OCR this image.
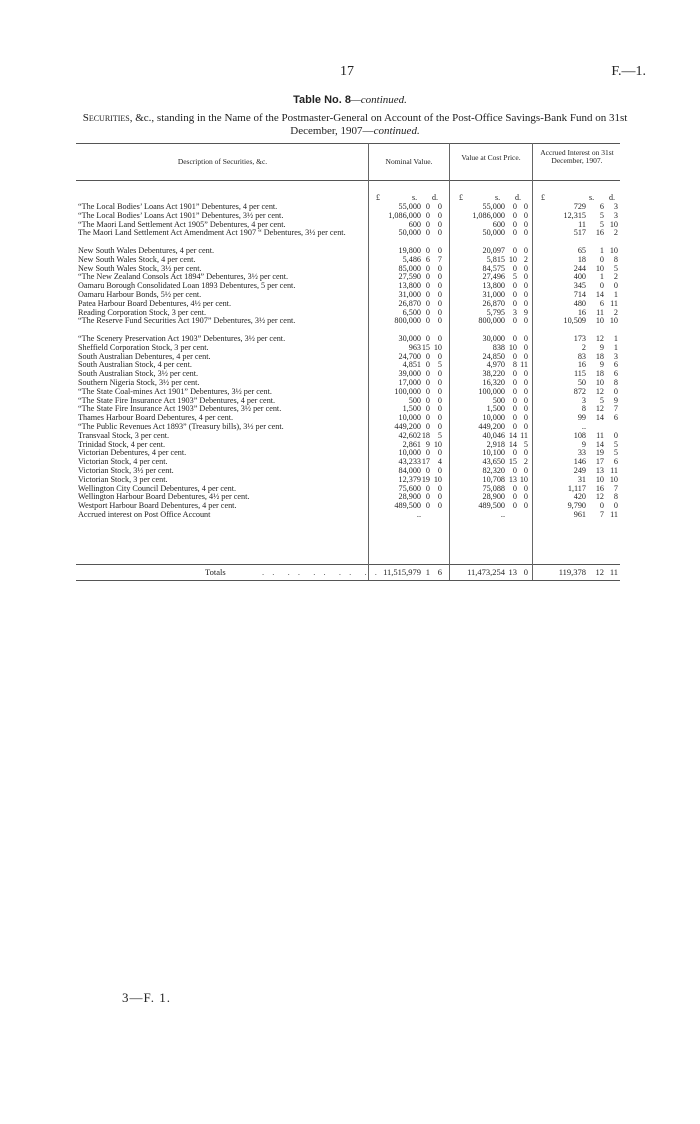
17	F.—1.
Table No. 8—continued.
Securities, &c., standing in the Name of the Postmaster-General on Account of the Post-Office Savings-Bank Fund on 31st December, 1907—continued.
Description of Securities, &c.	Nominal Value.	Value at Cost Price.
Accrued Interest on 31st December, 1907.
£	s. d.	£	s. d.	£	s. d.
“The Local Bodies’ Loans Act 1901” Debentures, 4 per cent.	55,000 0 0	55,000 0 0	729 6 3
“The Local Bodies’ Loans Act 1901” Debentures, 3½ per cent.	1,086,000 0 0	1,086,000 0 0	12,315 5 3
“The Maori Land Settlement Act 1905” Debentures, 4 per cent.	600 0 0	600 0 0	11 5 10
The Maori Land Settlement Act Amendment Act 1907 “ Debentures, 3½ per cent.	50,000 0 0	50,000 0 0	517 16 2
New South Wales Debentures, 4 per cent.	19,800 0 0	20,097 0 0	65 1 10
New South Wales Stock, 4 per cent.	5,486 6 7	5,815 10 2	18 0 8
New South Wales Stock, 3½ per cent.	85,000 0 0	84,575 0 0	244 10 5
“The New Zealand Consols Act 1894” Debentures, 3½ per cent.	27,590 0 0	27,496 5 0	400 1 2
Oamaru Borough Consolidated Loan 1893 Debentures, 5 per cent.	13,800 0 0	13,800 0 0	345 0 0
Oamaru Harbour Bonds, 5½ per cent.	31,000 0 0	31,000 0 0	714 14 1
Patea Harbour Board Debentures, 4½ per cent.	26,870 0 0	26,870 0 0	480 6 11
Reading Corporation Stock, 3 per cent.	6,500 0 0	5,795 3 9	16 11 2
“The Reserve Fund Securities Act 1907” Debentures, 3½ per cent.	800,000 0 0	800,000 0 0	10,509 10 10
“The Scenery Preservation Act 1903” Debentures, 3½ per cent.	30,000 0 0	30,000 0 0	173 12 1
Sheffield Corporation Stock, 3 per cent.	963 15 10	838 10 0	2 9 1
South Australian Debentures, 4 per cent.	24,700 0 0	24,850 0 0	83 18 3
South Australian Stock, 4 per cent.	4,851 0 5	4,970 8 11	16 9 6
South Australian Stock, 3½ per cent.	39,000 0 0	38,220 0 0	115 18 6
Southern Nigeria Stock, 3½ per cent.	17,000 0 0	16,320 0 0	50 10 8
“The State Coal-mines Act 1901” Debentures, 3½ per cent.	100,000 0 0	100,000 0 0	872 12 0
“The State Fire Insurance Act 1903” Debentures, 4 per cent.	500 0 0	500 0 0	3 5 9
“The State Fire Insurance Act 1903” Debentures, 3½ per cent.	1,500 0 0	1,500 0 0	8 12 7
Thames Harbour Board Debentures, 4 per cent.	10,000 0 0	10,000 0 0	99 14 6
“The Public Revenues Act 1893” (Treasury bills), 3½ per cent.	449,200 0 0	449,200 0 0	..
Transvaal Stock, 3 per cent.	42,602 18 5	40,046 14 11	108 11 0
Trinidad Stock, 4 per cent.	2,861 9 10	2,918 14 5	9 14 5
Victorian Debentures, 4 per cent.	10,000 0 0	10,100 0 0	33 19 5
Victorian Stock, 4 per cent.	43,233 17 4	43,650 15 2	146 17 6
Victorian Stock, 3½ per cent.	84,000 0 0	82,320 0 0	249 13 11
Victorian Stock, 3 per cent.	12,379 19 10	10,708 13 10	31 10 10
Wellington City Council Debentures, 4 per cent.	75,600 0 0	75,088 0 0	1,117 16 7
Wellington Harbour Board Debentures, 4½ per cent.	28,900 0 0	28,900 0 0	420 12 8
Westport Harbour Board Debentures, 4 per cent.	489,500 0 0	489,500 0 0	9,790 0 0
Accrued interest on Post Office Account	..	..	961 7 11
Totals	. .  . .  . .  . .  . . 11,515,979 1 6	11,473,254 13 0	119,378 12 11
3—F. 1.
